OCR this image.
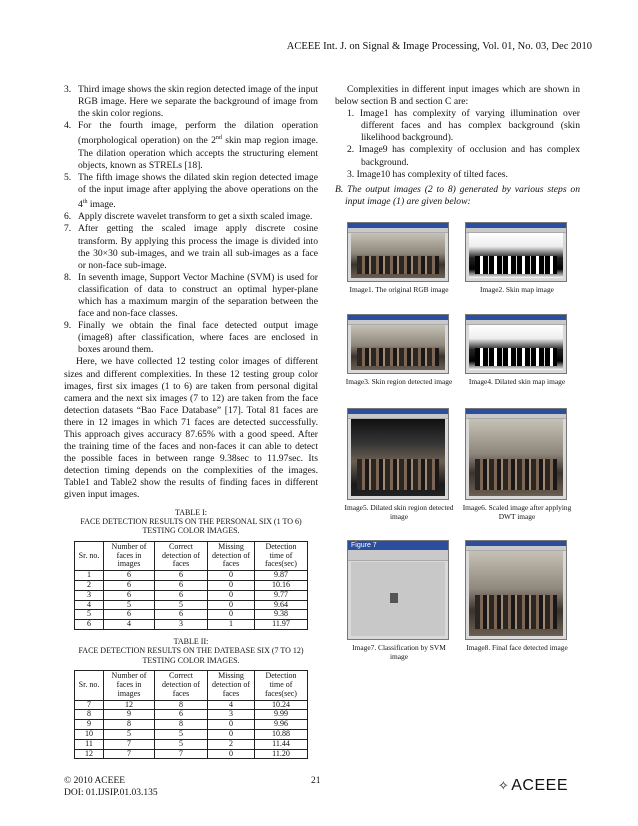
ACEEE Int. J. on Signal & Image Processing, Vol. 01, No. 03, Dec 2010
3. Third image shows the skin region detected image of the input RGB image. Here we separate the background of image from the skin color regions.
4. For the fourth image, perform the dilation operation (morphological operation) on the 2nd skin map region image. The dilation operation which accepts the structuring element objects, known as STRELs [18].
5. The fifth image shows the dilated skin region detected image of the input image after applying the above operations on the 4th image.
6. Apply discrete wavelet transform to get a sixth scaled image.
7. After getting the scaled image apply discrete cosine transform. By applying this process the image is divided into the 30×30 sub-images, and we train all sub-images as a face or non-face sub-image.
8. In seventh image, Support Vector Machine (SVM) is used for classification of data to construct an optimal hyper-plane which has a maximum margin of the separation between the face and non-face classes.
9. Finally we obtain the final face detected output image (image8) after classification, where faces are enclosed in boxes around them.

Here, we have collected 12 testing color images of different sizes and different complexities. In these 12 testing group color images, first six images (1 to 6) are taken from personal digital camera and the next six images (7 to 12) are taken from the face detection datasets “Bao Face Database” [17]. Total 81 faces are there in 12 images in which 71 faces are detected successfully. This approach gives accuracy 87.65% with a good speed. After the training time of the faces and non-faces it can able to detect the possible faces in between range 9.38sec to 11.97sec. Its detection timing depends on the complexities of the images. Table1 and Table2 show the results of finding faces in different given input images.

TABLE I:
FACE DETECTION RESULTS ON THE PERSONAL SIX (1 TO 6) TESTING COLOR IMAGES.
Sr. no.	Number of faces in images	Correct detection of faces	Missing detection of faces	Detection time of faces(sec)
1	6	6	0	9.87
2	6	6	0	10.16
3	6	6	0	9.77
4	5	5	0	9.64
5	6	6	0	9.38
6	4	3	1	11.97
TABLE II:
FACE DETECTION RESULTS ON THE DATEBASE SIX (7 TO 12) TESTING COLOR IMAGES.
Sr. no.	Number of faces in images	Correct detection of faces	Missing detection of faces	Detection time of faces(sec)
7	12	8	4	10.24
8	9	6	3	9.99
9	8	8	0	9.96
10	5	5	0	10.88
11	7	5	2	11.44
12	7	7	0	11.20

Complexities in different input images which are shown in below section B and section C are:

1. Image1 has complexity of varying illumination over different faces and has complex background (skin likelihood background).

2. Image9 has complexity of occlusion and has complex background.

3. Image10 has complexity of tilted faces.

B. The output images (2 to 8) generated by various steps on input image (1) are given below:

Image1. The original RGB image	Image2. Skin map image
Image3. Skin region detected image	Image4. Dilated skin map image
Image5. Dilated skin region detected image
Image6. Scaled image after applying DWT image
Figure 7
Image7. Classification by SVM image
Image8. Final face detected image
© 2010 ACEEE
DOI: 01.IJSIP.01.03.135
21	✧ ACEEE
